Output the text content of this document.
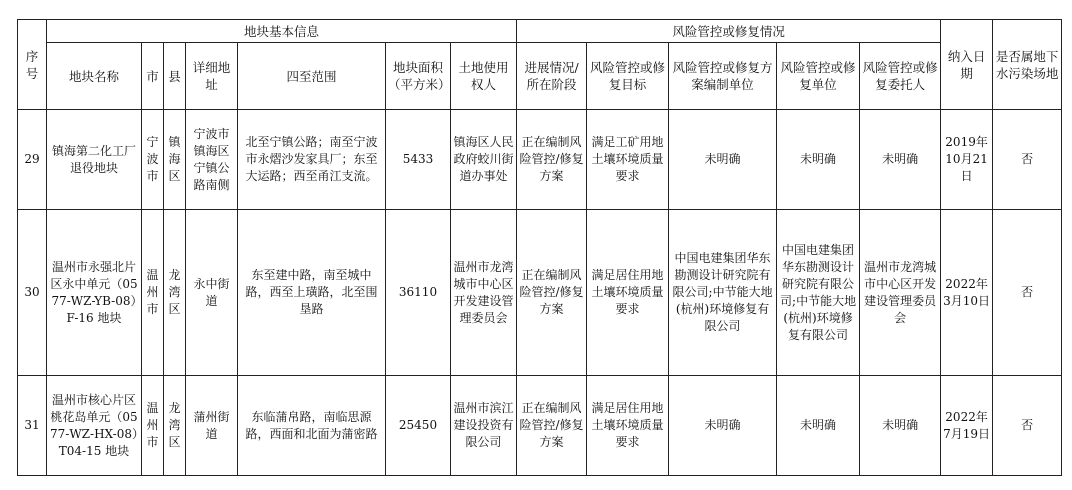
序号	地块基本信息							风险管控或修复情况					纳入日期	是否属地下水污染场地
	地块名称	市	县	详细地址	四至范围	地块面积（平方米）	土地使用权人	进展情况/所在阶段	风险管控或修复目标	风险管控或修复方案编制单位	风险管控或修复单位	风险管控或修复委托人		
29	镇海第二化工厂退役地块	宁波市	镇海区	宁波市镇海区宁镇公路南侧	北至宁镇公路；南至宁波市永熠沙发家具厂；东至大运路；西至甬江支流。	5433	镇海区人民政府蛟川街道办事处	正在编制风险管控/修复方案	满足工矿用地土壤环境质量要求	未明确	未明确	未明确	2019年10月21日	否
30	温州市永强北片区永中单元（0577-WZ-YB-08）F-16 地块	温州市	龙湾区	永中街道	东至建中路，南至城中路，西至上璜路，北至围垦路	36110	温州市龙湾城市中心区开发建设管理委员会	正在编制风险管控/修复方案	满足居住用地土壤环境质量要求	中国电建集团华东勘测设计研究院有限公司;中节能大地(杭州)环境修复有限公司	中国电建集团华东勘测设计研究院有限公司;中节能大地(杭州)环境修复有限公司	温州市龙湾城市中心区开发建设管理委员会	2022年3月10日	否
31	温州市核心片区桃花岛单元（0577-WZ-HX-08）T04-15 地块	温州市	龙湾区	蒲州街道	东临蒲帛路，南临思源路，西面和北面为蒲密路	25450	温州市滨江建设投资有限公司	正在编制风险管控/修复方案	满足居住用地土壤环境质量要求	未明确	未明确	未明确	2022年7月19日	否
